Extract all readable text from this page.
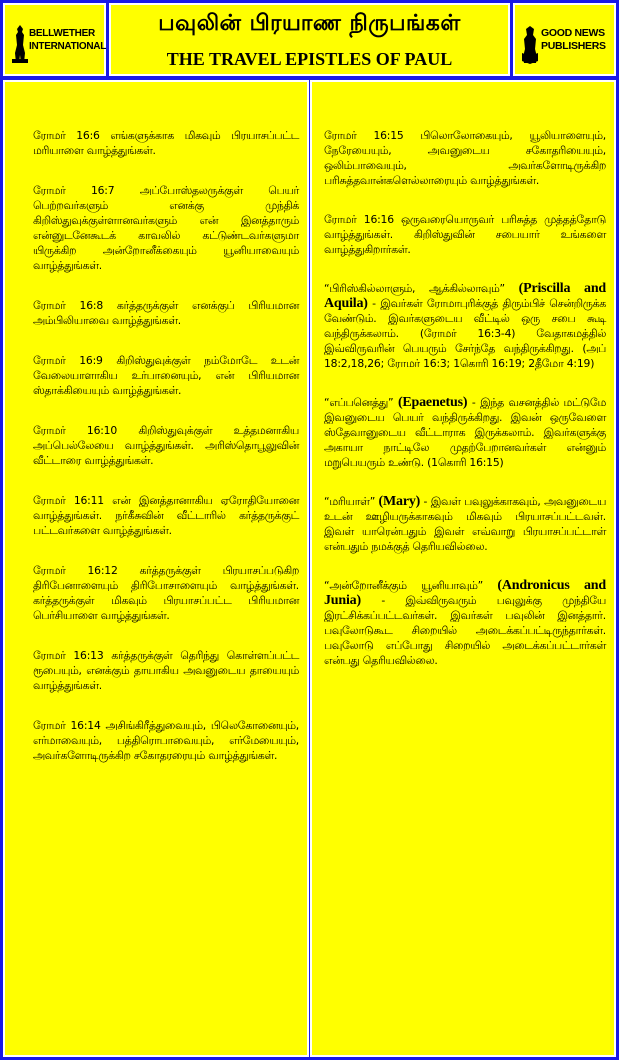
BELLWETHER
INTERNATIONAL
பவுலின் பிரயாண நிருபங்கள்
THE TRAVEL EPISTLES OF PAUL
GOOD NEWS
PUBLISHERS

ரோமர் 16:6 எங்களுக்காக மிகவும் பிரயாசப்பட்ட மரியாளை வாழ்த்துங்கள்.

ரோமர் 16:7 அப்போஸ்தலருக்குள் பெயர் பெற்றவர்களும் எனக்கு முந்திக் கிறிஸ்துவுக்குள்ளானவர்களும் என் இனத்தாரும் என்னுடனேகூடக் காவலில் கட்டுண்டவர்களுமா யிருக்கிற அன்றோனீக்கையும் யூனியாவையும் வாழ்த்துங்கள்.

ரோமர் 16:8 கர்த்தருக்குள் எனக்குப் பிரியமான அம்பிலியாவை வாழ்த்துங்கள்.

ரோமர் 16:9 கிறிஸ்துவுக்குள் நம்மோடே உடன் வேலையாளாகிய உர்பானையும், என் பிரியமான ஸ்தாக்கியையும் வாழ்த்துங்கள்.

ரோமர் 16:10 கிறிஸ்துவுக்குள் உத்தமனாகிய அப்பெல்லேயை வாழ்த்துங்கள். அரிஸ்தொபூலுவின் வீட்டாரை வாழ்த்துங்கள்.

ரோமர் 16:11 என் இனத்தானாகிய ஏரோதியோனை வாழ்த்துங்கள். நர்கீசுவின் வீட்டாரில் கர்த்தருக்குட் பட்டவர்களை வாழ்த்துங்கள்.

ரோமர் 16:12 கர்த்தருக்குள் பிரயாசப்படுகிற திரிபேனாளையும் திரிபோசாளையும் வாழ்த்துங்கள். கர்த்தருக்குள் மிகவும் பிரயாசப்பட்ட பிரியமான பெர்சியாளை வாழ்த்துங்கள்.

ரோமர் 16:13 கர்த்தருக்குள் தெரிந்து கொள்ளப்பட்ட ரூபையும், எனக்கும் தாயாகிய அவனுடைய தாயையும் வாழ்த்துங்கள்.

ரோமர் 16:14 அசிங்கிரீத்துவையும், பிலெகோனையும், எர்மாவையும், பத்திரொபாவையும், எர்மேயையும், அவர்களோடிருக்கிற சகோதரரையும் வாழ்த்துங்கள்.

ரோமர் 16:15 பிலொலோகையும், யூலியாளையும், நேரேயையும், அவனுடைய சகோதரியையும், ஒலிம்பாவையும், அவர்களோடிருக்கிற பரிசுத்தவான்களெல்லாரையும் வாழ்த்துங்கள்.

ரோமர் 16:16 ஒருவரையொருவர் பரிசுத்த முத்தத்தோடு வாழ்த்துங்கள். கிறிஸ்துவின் சபையார் உங்களை வாழ்த்துகிறார்கள்.

“பிரிஸ்கில்லாளும், ஆக்கில்லாவும்” (Priscilla and Aquila) - இவர்கள் ரோமாபுரிக்குத் திரும்பிச் சென்றிருக்க வேண்டும். இவர்களுடைய வீட்டில் ஒரு சபை கூடி வந்திருக்கலாம். (ரோமர் 16:3-4) வேதாகமத்தில் இவ்விருவரின் பெயரும் சேர்ந்தே வந்திருக்கிறது. (அப் 18:2,18,26; ரோமர் 16:3; 1கொரி 16:19; 2தீமோ 4:19)

“எப்பனெத்து” (Epaenetus) - இந்த வசனத்தில் மட்டுமே இவனுடைய பெயர் வந்திருக்கிறது. இவன் ஒருவேளை ஸ்தேவானுடைய வீட்டாராக இருக்கலாம். இவர்களுக்கு அகாயா நாட்டிலே முதற்பேறானவர்கள் என்னும் மறுபெயரும் உண்டு. (1கொரி 16:15)

“மரியாள்” (Mary) - இவள் பவுலுக்காகவும், அவனுடைய உடன் ஊழியருக்காகவும் மிகவும் பிரயாசப்பட்டவள். இவள் யாரென்பதும் இவள் எவ்வாறு பிரயாசப்பட்டாள் என்பதும் நமக்குத் தெரியவில்லை.

“அன்றோனீக்கும் யூனியாவும்” (Andronicus and Junia) - இவ்விருவரும் பவுலுக்கு முந்தியே இரட்சிக்கப்பட்டவர்கள். இவர்கள் பவுலின் இனத்தார். பவுலோடுகூட சிறையில் அடைக்கப்பட்டிருந்தார்கள். பவுலோடு எப்போது சிறையில் அடைக்கப்பட்டார்கள் என்பது தெரியவில்லை.
